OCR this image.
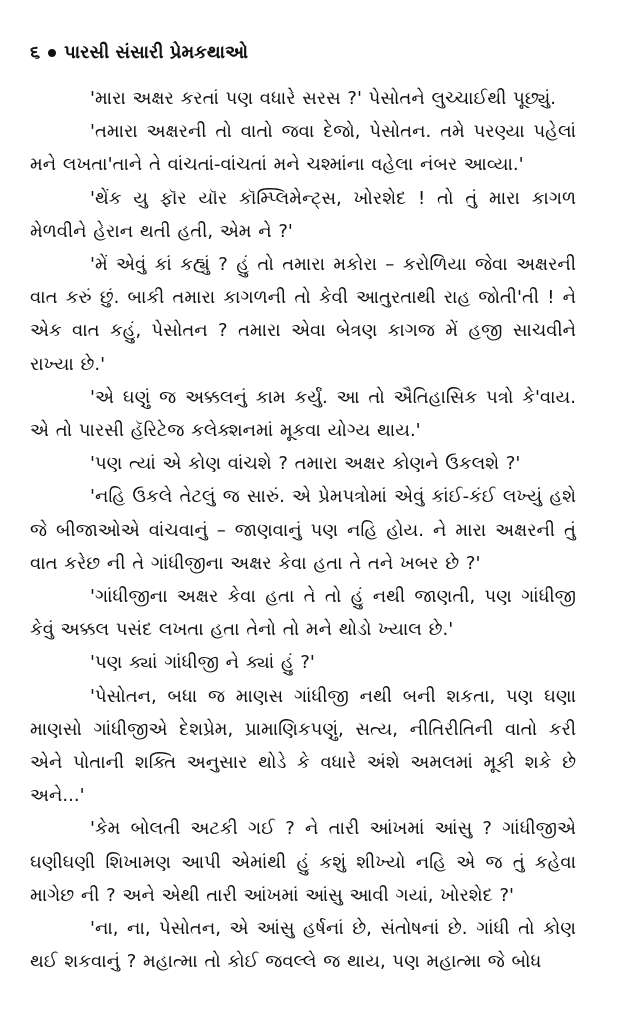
૬ પારસી સંસારી પ્રેમકથાઓ

'મારા અક્ષર કરતાં પણ વધારે સરસ ?' પેસોતને લુચ્ચાઈથી પૂછ્યું.

'તમારા અક્ષરની તો વાતો જવા દેજો, પેસોતન. તમે પરણ્યા પહેલાં મને લખતા'તાને તે વાંચતાં-વાંચતાં મને ચશ્માંના વહેલા નંબર આવ્યા.'

'થેંક યુ ફૉર યૉર કૉમ્પ્લિમેન્ટ્સ, ખોરશેદ ! તો તું મારા કાગળ મેળવીને હેરાન થતી હતી, એમ ને ?'

'મેં એવું કાં કહ્યું ? હું તો તમારા મકોરા – કરોળિયા જેવા અક્ષરની વાત કરું છું. બાકી તમારા કાગળની તો કેવી આતુરતાથી રાહ જોતી'તી ! ને એક વાત કહું, પેસોતન ? તમારા એવા બેત્રણ કાગજ મેં હજી સાચવીને રાખ્યા છે.'

'એ ઘણું જ અક્કલનું કામ કર્યું. આ તો ઐતિહાસિક પત્રો કે'વાય. એ તો પારસી હૅરિટેજ કલેક્શનમાં મૂકવા યોગ્ય થાય.'

'પણ ત્યાં એ કોણ વાંચશે ? તમારા અક્ષર કોણને ઉકલશે ?'

'નહિ ઉકલે તેટલું જ સારું. એ પ્રેમપત્રોમાં એવું કાંઈ-કંઈ લખ્યું હશે જે બીજાઓએ વાંચવાનું – જાણવાનું પણ નહિ હોય. ને મારા અક્ષરની તું વાત કરેછ ની તે ગાંધીજીના અક્ષર કેવા હતા તે તને ખબર છે ?'

'ગાંધીજીના અક્ષર કેવા હતા તે તો હું નથી જાણતી, પણ ગાંધીજી કેવું અક્કલ પસંદ લખતા હતા તેનો તો મને થોડો ખ્યાલ છે.'

'પણ ક્યાં ગાંધીજી ને ક્યાં હું ?'

'પેસોતન, બધા જ માણસ ગાંધીજી નથી બની શકતા, પણ ઘણા માણસો ગાંધીજીએ દેશપ્રેમ, પ્રામાણિકપણું, સત્ય, નીતિરીતિની વાતો કરી એને પોતાની શક્તિ અનુસાર થોડે કે વધારે અંશે અમલમાં મૂકી શકે છે અને...'

'કેમ બોલતી અટકી ગઈ ? ને તારી આંખમાં આંસુ ? ગાંધીજીએ ઘણીઘણી શિખામણ આપી એમાંથી હું કશું શીખ્યો નહિ એ જ તું કહેવા માગેછ ની ? અને એથી તારી આંખમાં આંસુ આવી ગયાં, ખોરશેદ ?'

'ના, ના, પેસોતન, એ આંસુ હર્ષનાં છે, સંતોષનાં છે. ગાંધી તો કોણ થઈ શકવાનું ? મહાત્મા તો કોઈ જવલ્લે જ થાય, પણ મહાત્મા જે બોધ
